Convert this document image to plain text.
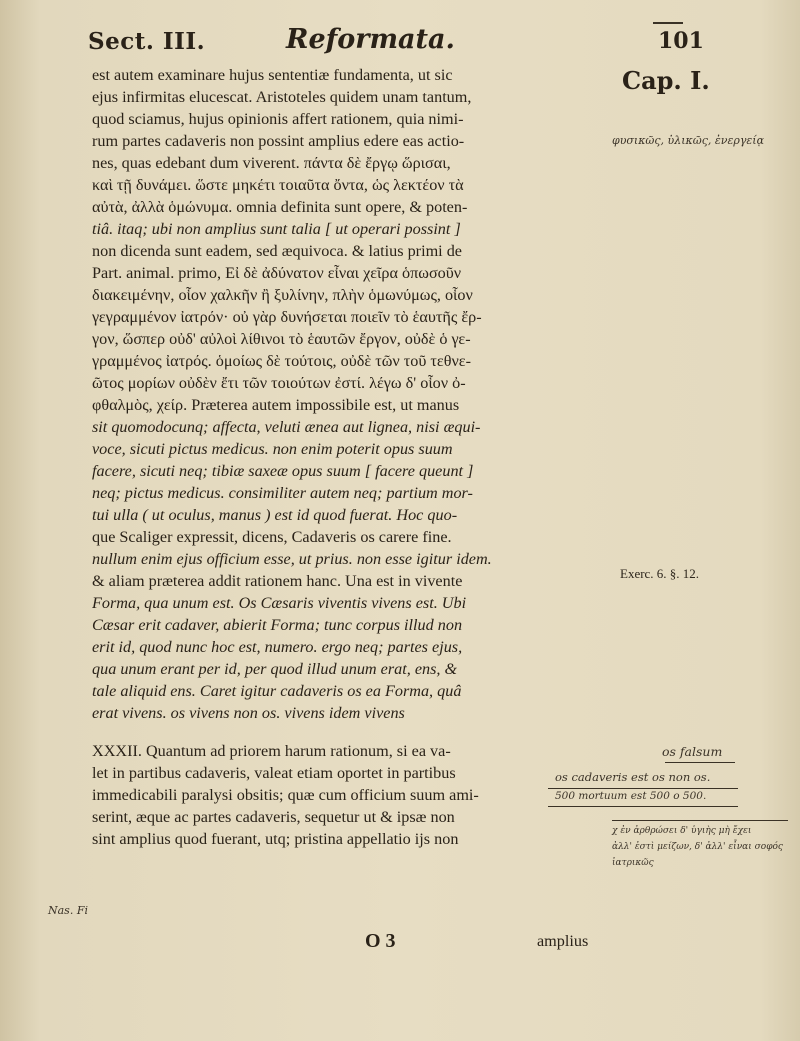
Sect. III.	Reformata.	101
Cap. I.
est autem examinare hujus sententiæ fundamenta, ut sic
ejus infirmitas elucescat. Aristoteles quidem unam tantum,
quod sciamus, hujus opinionis affert rationem, quia nimi-
rum partes cadaveris non possint amplius edere eas actio-
nes, quas edebant dum viverent. πάντα δὲ ἔργῳ ὥρισαι,
καὶ τῇ δυνάμει. ὥστε μηκέτι τοιαῦτα ὄντα, ὡς λεκτέον τὰ
αὐτὰ, ἀλλὰ ὁμώνυμα. omnia definita sunt opere, & poten-
tiâ. itaq; ubi non amplius sunt talia [ ut operari possint ]
non dicenda sunt eadem, sed æquivoca. & latius primi de
Part. animal. primo, Εἰ δὲ ἀδύνατον εἶναι χεῖρα ὁπωσοῦν
διακειμένην, οἷον χαλκῆν ἢ ξυλίνην, πλὴν ὁμωνύμως, οἷον
γεγραμμένον ἰατρόν· οὐ γὰρ δυνήσεται ποιεῖν τὸ ἑαυτῆς ἔρ-
γον, ὥσπερ οὐδ' αὐλοὶ λίθινοι τὸ ἑαυτῶν ἔργον, οὐδὲ ὁ γε-
γραμμένος ἰατρός. ὁμοίως δὲ τούτοις, οὐδὲ τῶν τοῦ τεθνε-
ῶτος μορίων οὐδὲν ἔτι τῶν τοιούτων ἐστί. λέγω δ' οἷον ὀ-
φθαλμὸς, χείρ. Præterea autem impossibile est, ut manus
sit quomodocunq; affecta, veluti ænea aut lignea, nisi æqui-
voce, sicuti pictus medicus. non enim poterit opus suum
facere, sicuti neq; tibiæ saxeæ opus suum [ facere queunt ]
neq; pictus medicus. consimiliter autem neq; partium mor-
tui ulla ( ut oculus, manus ) est id quod fuerat. Hoc quo-
que Scaliger expressit, dicens, Cadaveris os carere fine.
nullum enim ejus officium esse, ut prius. non esse igitur idem.
& aliam præterea addit rationem hanc. Una est in vivente
Forma, qua unum est. Os Cæsaris viventis vivens est. Ubi
Cæsar erit cadaver, abierit Forma; tunc corpus illud non
erit id, quod nunc hoc est, numero. ergo neq; partes ejus,
qua unum erant per id, per quod illud unum erat, ens, &
tale aliquid ens. Caret igitur cadaveris os ea Forma, quâ
erat vivens. os vivens non os. vivens idem vivens
XXXII. Quantum ad priorem harum rationum, si ea va-
let in partibus cadaveris, valeat etiam oportet in partibus
immedicabili paralysi obsitis; quæ cum officium suum ami-
serint, æque ac partes cadaveris, sequetur ut & ipsæ non
sint amplius quod fuerant, utq; pristina appellatio ijs non
φυσικῶς, ὑλικῶς, ἐνεργείᾳ
Exerc. 6. §. 12.
os falsum
os cadaveris est os non os.
500 mortuum est 500 o 500.
χ ἐν ἀρθρώσει δ' ὑγιὴς μὴ ἔχει
ἀλλ' ἐστὶ μείζων, δ' ἀλλ' εἶναι σοφός
ἰατρικῶς
Nas. Fi
O 3	amplius
